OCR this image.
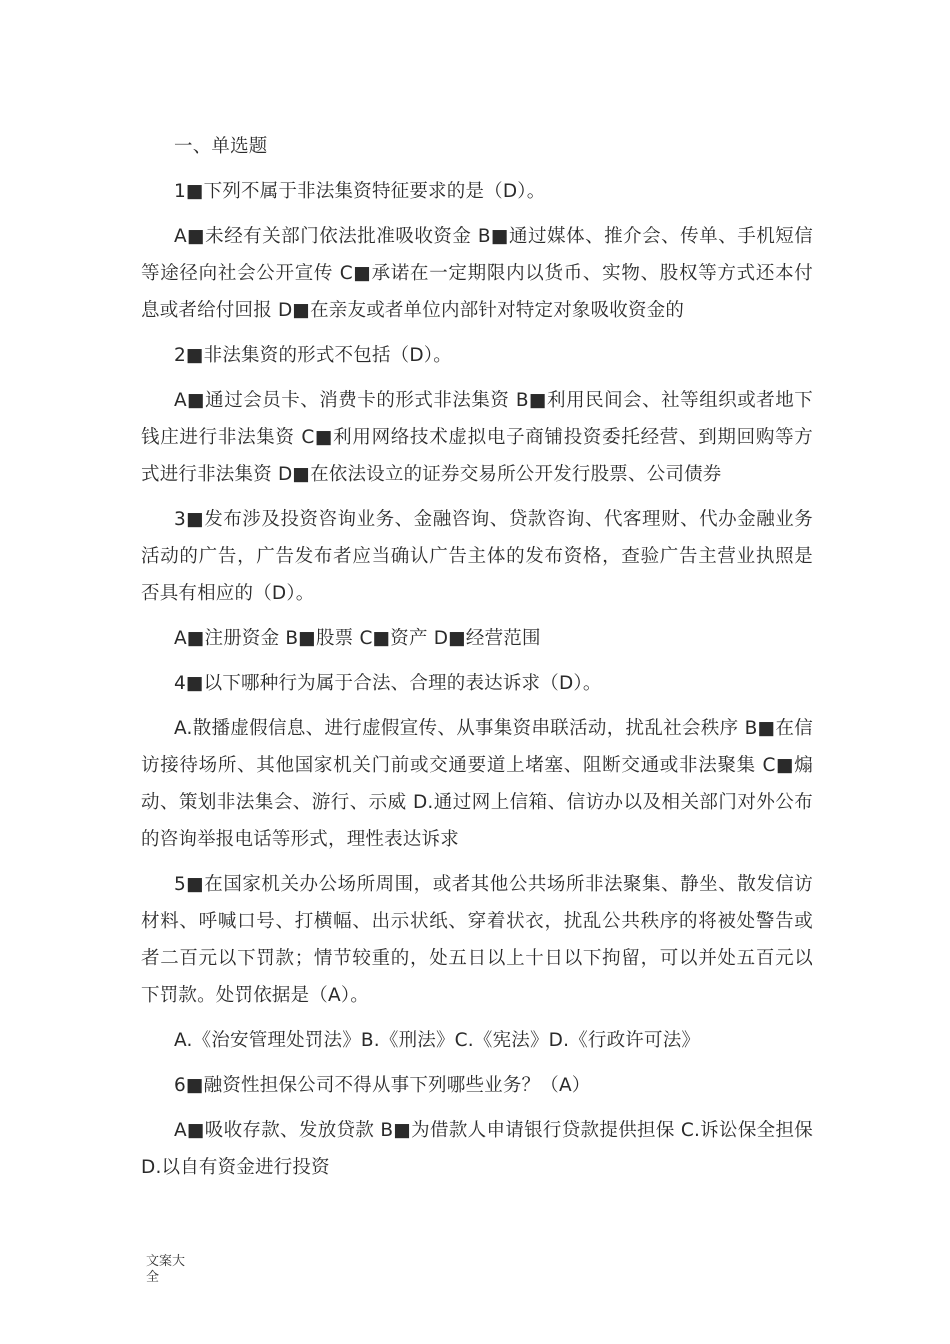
一、单选题

1■下列不属于非法集资特征要求的是（D）。

A■未经有关部门依法批准吸收资金 B■通过媒体、推介会、传单、手机短信等途径向社会公开宣传 C■承诺在一定期限内以货币、实物、股权等方式还本付息或者给付回报 D■在亲友或者单位内部针对特定对象吸收资金的

2■非法集资的形式不包括（D）。

A■通过会员卡、消费卡的形式非法集资 B■利用民间会、社等组织或者地下钱庄进行非法集资 C■利用网络技术虚拟电子商铺投资委托经营、到期回购等方式进行非法集资 D■在依法设立的证券交易所公开发行股票、公司债券

3■发布涉及投资咨询业务、金融咨询、贷款咨询、代客理财、代办金融业务活动的广告，广告发布者应当确认广告主体的发布资格，查验广告主营业执照是否具有相应的（D）。

A■注册资金 B■股票 C■资产 D■经营范围

4■以下哪种行为属于合法、合理的表达诉求（D）。

A.散播虚假信息、进行虚假宣传、从事集资串联活动，扰乱社会秩序 B■在信访接待场所、其他国家机关门前或交通要道上堵塞、阻断交通或非法聚集 C■煽动、策划非法集会、游行、示威 D.通过网上信箱、信访办以及相关部门对外公布的咨询举报电话等形式，理性表达诉求

5■在国家机关办公场所周围，或者其他公共场所非法聚集、静坐、散发信访材料、呼喊口号、打横幅、出示状纸、穿着状衣，扰乱公共秩序的将被处警告或者二百元以下罚款；情节较重的，处五日以上十日以下拘留，可以并处五百元以下罚款。处罚依据是（A）。

A.《治安管理处罚法》B.《刑法》C.《宪法》D.《行政许可法》

6■融资性担保公司不得从事下列哪些业务？（A）

A■吸收存款、发放贷款 B■为借款人申请银行贷款提供担保 C.诉讼保全担保 D.以自有资金进行投资

文案大全
